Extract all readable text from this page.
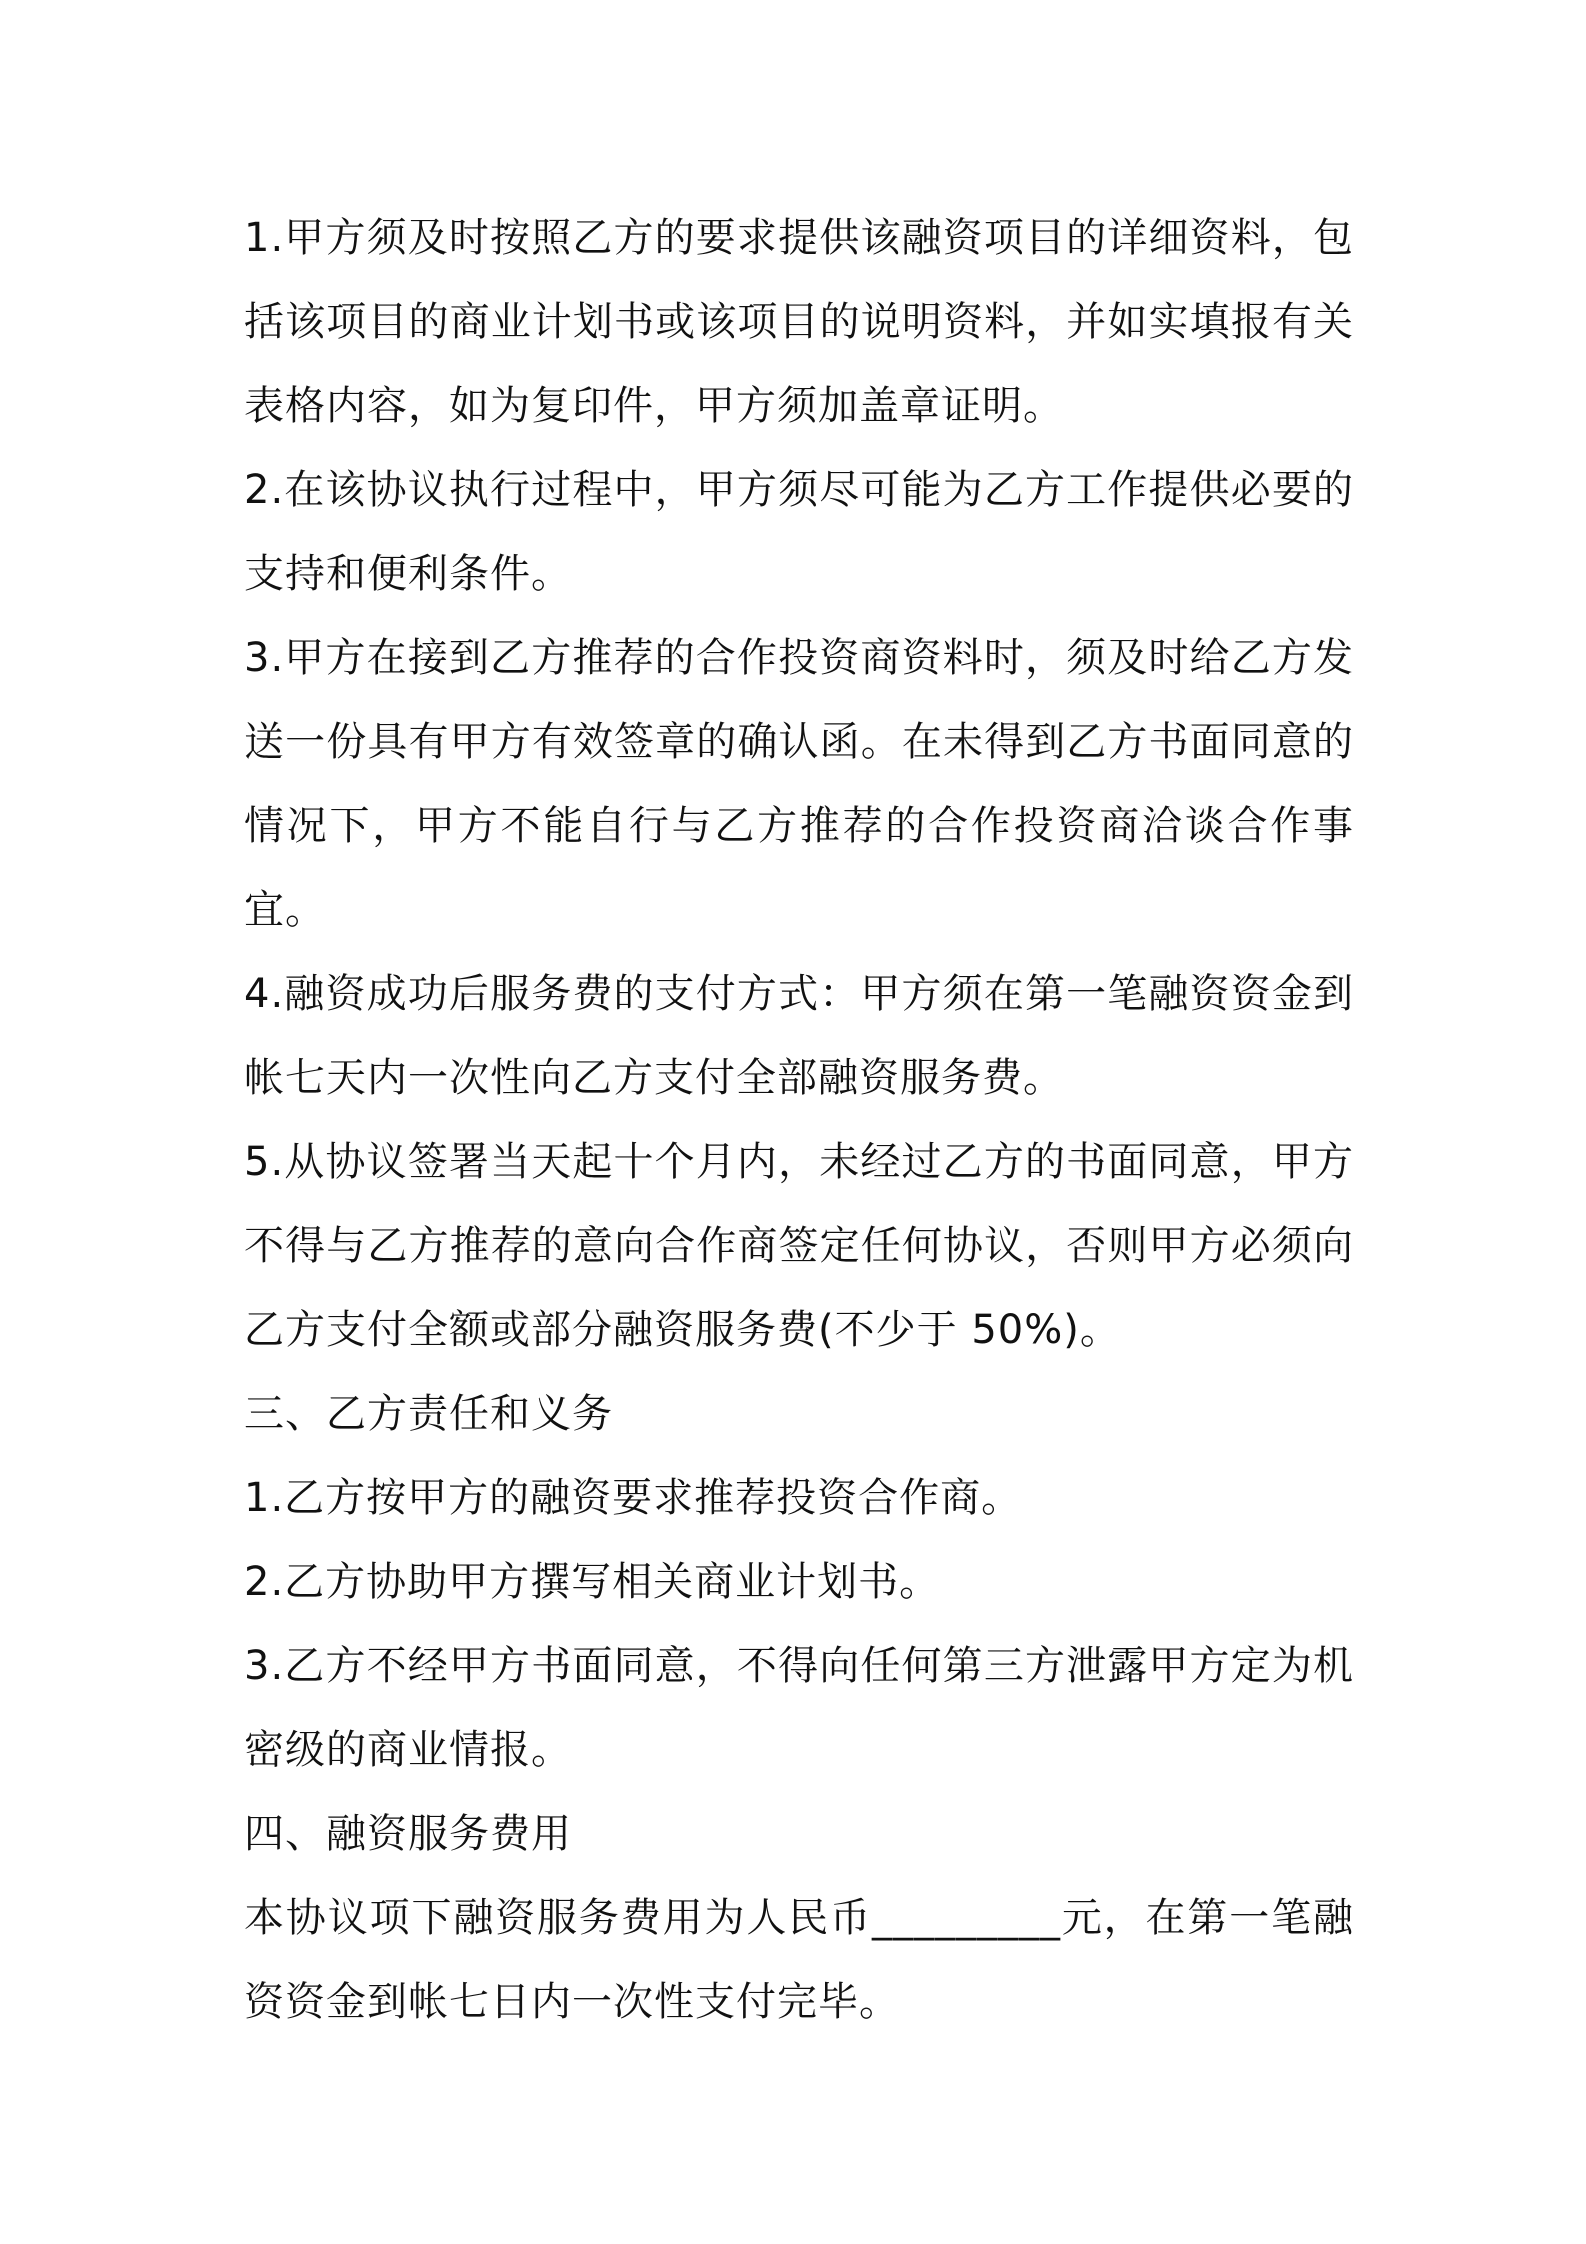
1.甲方须及时按照乙方的要求提供该融资项目的详细资料，包括该项目的商业计划书或该项目的说明资料，并如实填报有关表格内容，如为复印件，甲方须加盖章证明。

2.在该协议执行过程中，甲方须尽可能为乙方工作提供必要的支持和便利条件。

3.甲方在接到乙方推荐的合作投资商资料时，须及时给乙方发送一份具有甲方有效签章的确认函。在未得到乙方书面同意的情况下，甲方不能自行与乙方推荐的合作投资商洽谈合作事宜。

4.融资成功后服务费的支付方式：甲方须在第一笔融资资金到帐七天内一次性向乙方支付全部融资服务费。

5.从协议签署当天起十个月内，未经过乙方的书面同意，甲方不得与乙方推荐的意向合作商签定任何协议，否则甲方必须向乙方支付全额或部分融资服务费(不少于 50%)。

三、乙方责任和义务

1.乙方按甲方的融资要求推荐投资合作商。

2.乙方协助甲方撰写相关商业计划书。

3.乙方不经甲方书面同意，不得向任何第三方泄露甲方定为机密级的商业情报。

四、融资服务费用

本协议项下融资服务费用为人民币_________元，在第一笔融资资金到帐七日内一次性支付完毕。
